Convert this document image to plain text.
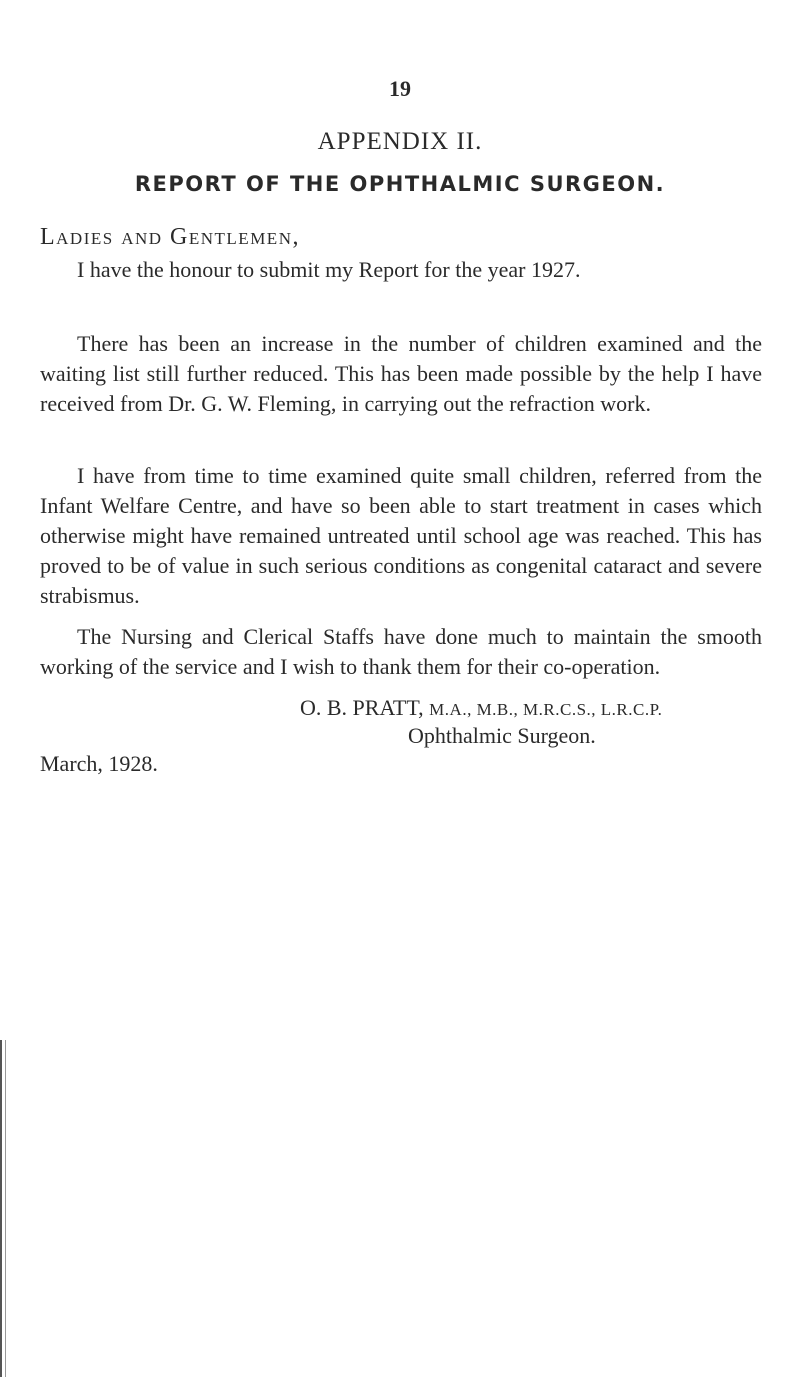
19
APPENDIX II.
REPORT OF THE OPHTHALMIC SURGEON.
Ladies and Gentlemen,
I have the honour to submit my Report for the year 1927.
There has been an increase in the number of children examined and the waiting list still further reduced. This has been made possible by the help I have received from Dr. G. W. Fleming, in carrying out the refraction work.
I have from time to time examined quite small children, referred from the Infant Welfare Centre, and have so been able to start treatment in cases which otherwise might have remained untreated until school age was reached. This has proved to be of value in such serious conditions as congenital cataract and severe strabismus.
The Nursing and Clerical Staffs have done much to maintain the smooth working of the service and I wish to thank them for their co-operation.
O. B. PRATT, M.A., M.B., M.R.C.S., L.R.C.P.
Ophthalmic Surgeon.
March, 1928.
